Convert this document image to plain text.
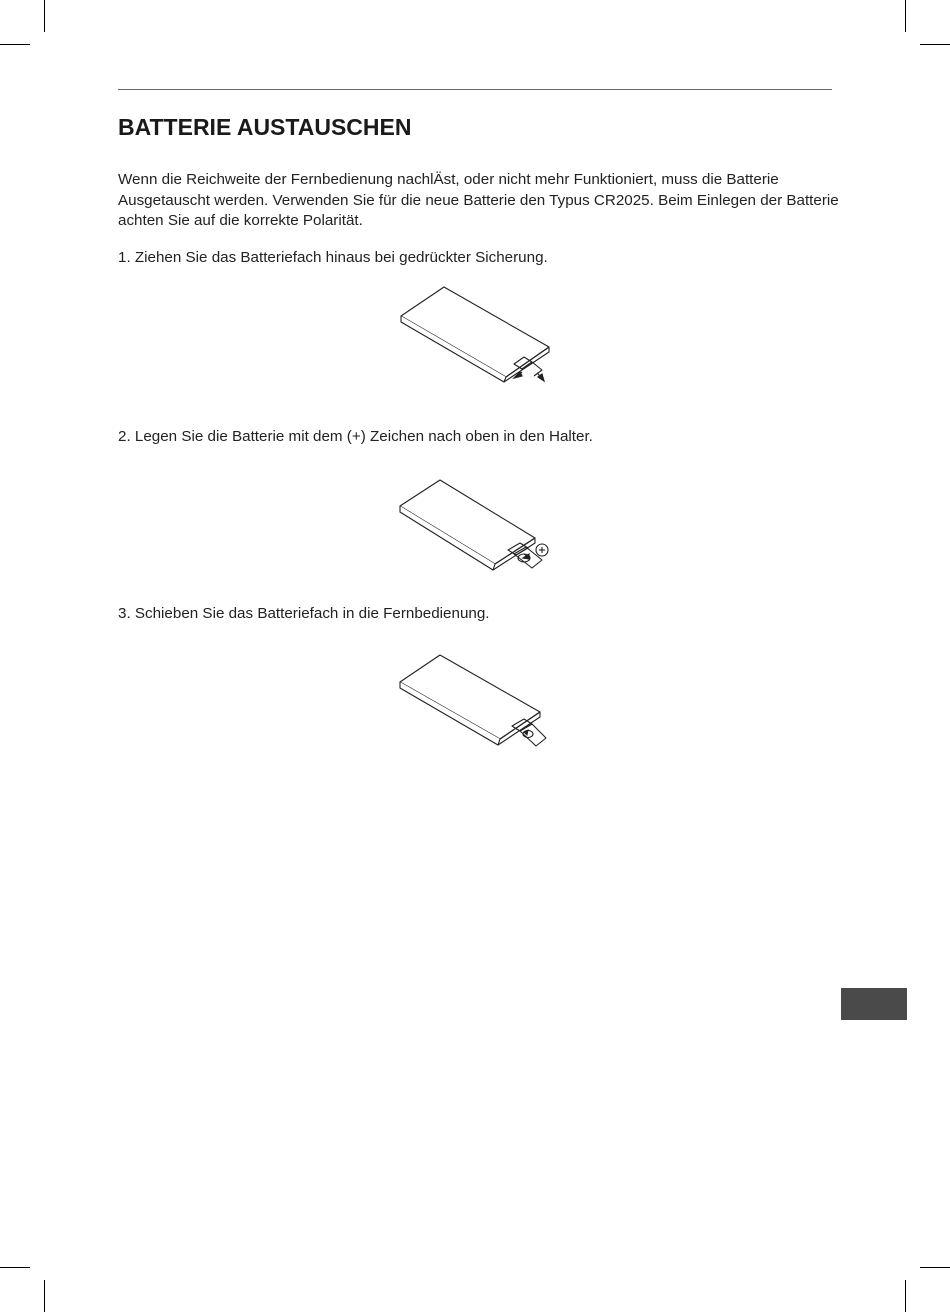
BATTERIE AUSTAUSCHEN

Wenn die Reichweite der Fernbedienung nachlÄst, oder nicht mehr Funktioniert, muss die Batterie Ausgetauscht werden. Verwenden Sie für die neue Batterie den Typus CR2025. Beim Einlegen der Batterie achten Sie auf die korrekte Polarität.

1. Ziehen Sie das Batteriefach hinaus bei gedrückter Sicherung.

2. Legen Sie die Batterie mit dem (+) Zeichen nach oben in den Halter.

3. Schieben Sie das Batteriefach in die Fernbedienung.
